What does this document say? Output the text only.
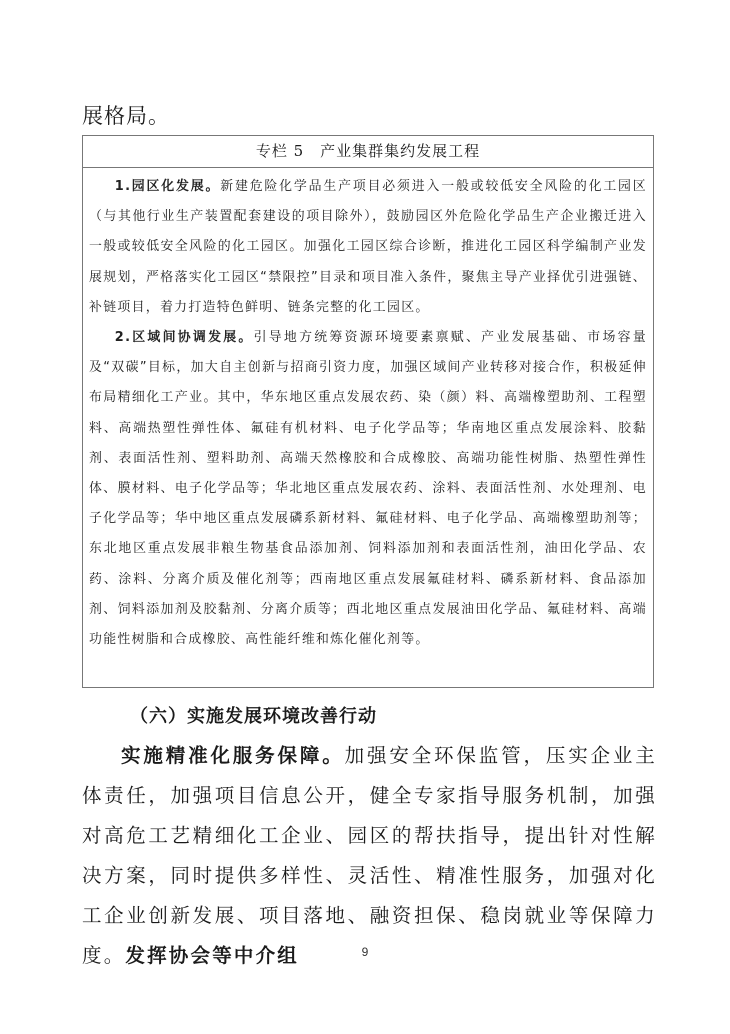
展格局。
专栏 5 产业集群集约发展工程

1.园区化发展。新建危险化学品生产项目必须进入一般或较低安全风险的化工园区（与其他行业生产装置配套建设的项目除外），鼓励园区外危险化学品生产企业搬迁进入一般或较低安全风险的化工园区。加强化工园区综合诊断，推进化工园区科学编制产业发展规划，严格落实化工园区“禁限控”目录和项目准入条件，聚焦主导产业择优引进强链、补链项目，着力打造特色鲜明、链条完整的化工园区。

2.区域间协调发展。引导地方统筹资源环境要素禀赋、产业发展基础、市场容量及“双碳”目标，加大自主创新与招商引资力度，加强区域间产业转移对接合作，积极延伸布局精细化工产业。其中，华东地区重点发展农药、染（颜）料、高端橡塑助剂、工程塑料、高端热塑性弹性体、氟硅有机材料、电子化学品等；华南地区重点发展涂料、胶黏剂、表面活性剂、塑料助剂、高端天然橡胶和合成橡胶、高端功能性树脂、热塑性弹性体、膜材料、电子化学品等；华北地区重点发展农药、涂料、表面活性剂、水处理剂、电子化学品等；华中地区重点发展磷系新材料、氟硅材料、电子化学品、高端橡塑助剂等；东北地区重点发展非粮生物基食品添加剂、饲料添加剂和表面活性剂，油田化学品、农药、涂料、分离介质及催化剂等；西南地区重点发展氟硅材料、磷系新材料、食品添加剂、饲料添加剂及胶黏剂、分离介质等；西北地区重点发展油田化学品、氟硅材料、高端功能性树脂和合成橡胶、高性能纤维和炼化催化剂等。

（六）实施发展环境改善行动

实施精准化服务保障。加强安全环保监管，压实企业主体责任，加强项目信息公开，健全专家指导服务机制，加强对高危工艺精细化工企业、园区的帮扶指导，提出针对性解决方案，同时提供多样性、灵活性、精准性服务，加强对化工企业创新发展、项目落地、融资担保、稳岗就业等保障力度。发挥协会等中介组	9
